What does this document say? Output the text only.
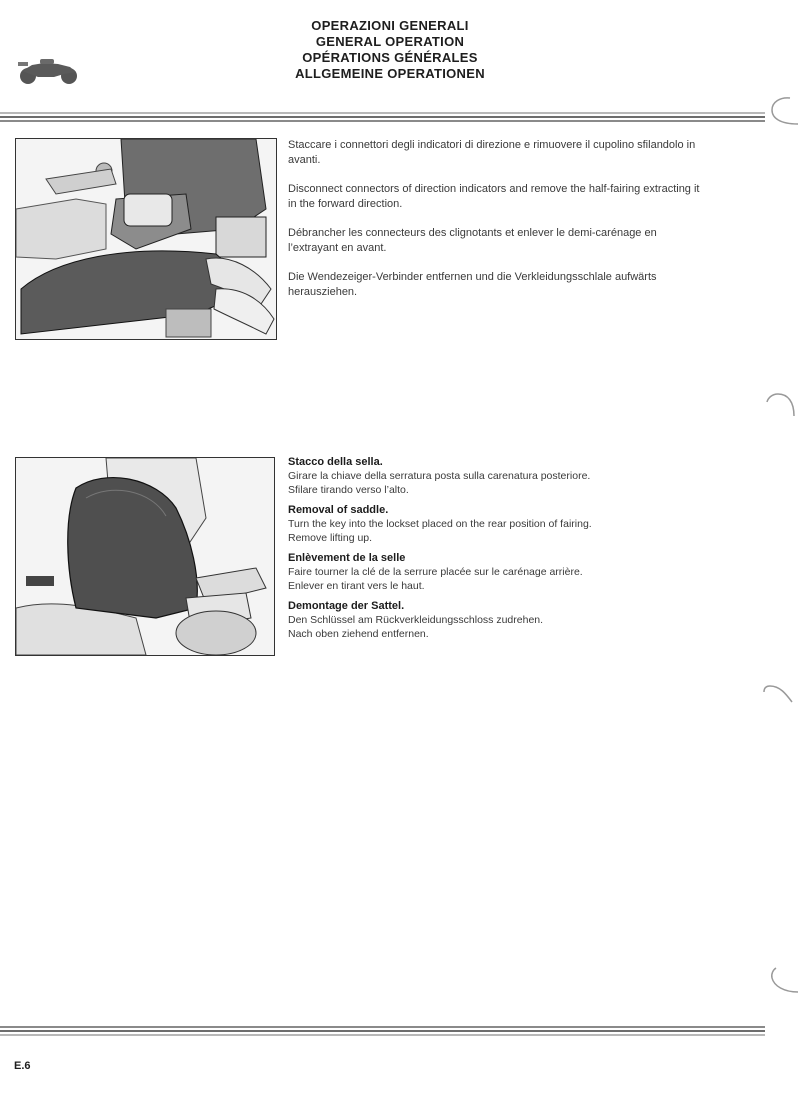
OPERAZIONI GENERALI
GENERAL OPERATION
OPÉRATIONS GÉNÉRALES
ALLGEMEINE OPERATIONEN

Staccare i connettori degli indicatori di direzione e rimuovere il cupolino sfilandolo in avanti.

Disconnect connectors of direction indicators and remove the half-fairing extracting it in the forward direction.

Débrancher les connecteurs des clignotants et enlever le demi-carénage en l’extrayant en avant.

Die Wendezeiger-Verbinder entfernen und die Verkleidungsschlale aufwärts herausziehen.

Stacco della sella.
Girare la chiave della serratura posta sulla carenatura posteriore.
Sfilare tirando verso l’alto.
Removal of saddle.
Turn the key into the lockset placed on the rear position of fairing.
Remove lifting up.
Enlèvement de la selle
Faire tourner la clé de la serrure placée sur le carénage arrière.
Enlever en tirant vers le haut.
Demontage der Sattel.
Den Schlüssel am Rückverkleidungsschloss zudrehen.
Nach oben ziehend entfernen.
E.6
